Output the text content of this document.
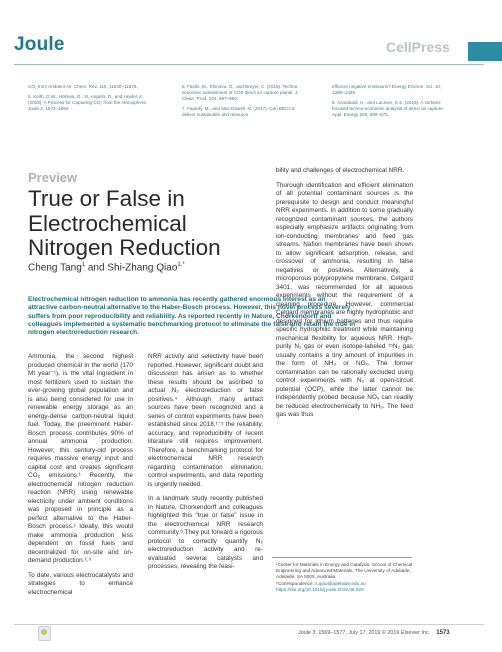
Joule	CellPress
CO₂ from Ambient Air. Chem. Rev. 116, 11840–11876.
5. Keith, D.W., Holmes, G., St. Angelo, D., and Heidel, K. (2018). A Process for Capturing CO₂ from the Atmosphere. Joule 2, 1573–1594.
6. Fasihi, M., Efimova, O., and Breyer, C. (2019). Techno-economic assessment of CO2 direct air capture plants. J. Clean. Prod. 224, 957–980.
7. Fajardy, M., and Mac Dowell, N. (2017). Can BECCS deliver sustainable and resource
efficient negative emissions? Energy Environ. Sci. 10, 1389–1426.
8. Azarabadi, H., and Lackner, K.S. (2019). A sorbent-focused techno-economic analysis of direct air capture. Appl. Energy 250, 959–975.
Preview
True or False in Electrochemical Nitrogen Reduction
Cheng Tang$^1$ and Shi-Zhang Qiao$^{1,*}$
Electrochemical nitrogen reduction to ammonia has recently gathered enormous interest as an attractive carbon-neutral alternative to the Haber-Bosch process. However, this novel process severely suffers from poor reproducibility and reliability. As reported recently in Nature, Chorkendorff and colleagues implemented a systematic benchmarking protocol to eliminate the false and retain the true in nitrogen electroreduction research.

Ammonia, the second highest produced chemical in the world (170 Mt year⁻¹), is the vital ingredient in most fertilizers used to sustain the ever-growing global population and is also being considered for use in renewable energy storage as an energy-dense carbon-neutral liquid fuel. Today, the preeminent Haber-Bosch process contributes 90% of annual ammonia production. However, this century-old process requires massive energy input and capital cost and creates significant CO₂ emissions.¹ Recently, the electrochemical nitrogen reduction reaction (NRR) using renewable electricity under ambient conditions was proposed in principle as a perfect alternative to the Haber-Bosch process.² Ideally, this would make ammonia production less dependent on fossil fuels and decentralized for on-site and on-demand production.²˒³

To date, various electrocatalysts and strategies to enhance electrochemical

NRR activity and selectivity have been reported. However, significant doubt and discussion has arisen as to whether these results should be ascribed to actual N₂ electroreduction or false positives.⁴ Although many artifact sources have been recognized and a series of control experiments have been established since 2018,¹⁻⁵ the reliability, accuracy, and reproducibility of recent literature still requires improvement. Therefore, a benchmarking protocol for electrochemical NRR research regarding contamination elimination, control experiments, and data reporting is urgently needed.

In a landmark study recently published in Nature, Chorkendorff and colleagues highlighted this “true or false” issue in the electrochemical NRR research community.⁶ They put forward a rigorous protocol to correctly quantify N₂ electroreduction activity and re-evaluated several catalysts and processes, revealing the feasi-

bility and challenges of electrochemical NRR.

Thorough identification and efficient elimination of all potential contaminant sources is the prerequisite to design and conduct meaningful NRR experiments. In addition to some gradually recognized contaminant sources, the authors especially emphasize artifacts originating from ion-conducting membranes and feed gas streams. Nafion membranes have been shown to allow significant adsorption, release, and crossover of ammonia, resulting in false negatives or positives. Alternatively, a microporous polypropylene membrane, Celgard 3401, was recommended for all aqueous experiments without the requirement of a cleaning procedure. However, commercial Celgard membranes are highly hydrophobic and designed for lithium batteries and thus require specific hydrophilic treatment while maintaining mechanical flexibility for aqueous NRR. High-purity N₂ gas or even isotope-labeled ¹⁵N₂ gas usually contains a tiny amount of impurities in the form of NH₃ or NOₓ. The former contamination can be rationally excluded using control experiments with N₂ at open-circuit potential (OCP), while the latter cannot be independently probed because NOₓ can readily be reduced electrochemically to NH₃. The feed gas was thus

¹Center for Materials in Energy and Catalysis, School of Chemical Engineering and Advanced Materials, The University of Adelaide, Adelaide, SA 5005, Australia
*Correspondence: s.qiao@adelaide.edu.au
https://doi.org/10.1016/j.joule.2019.06.020
Joule 3, 1569–1577, July 17, 2019 © 2019 Elsevier Inc. 1573
